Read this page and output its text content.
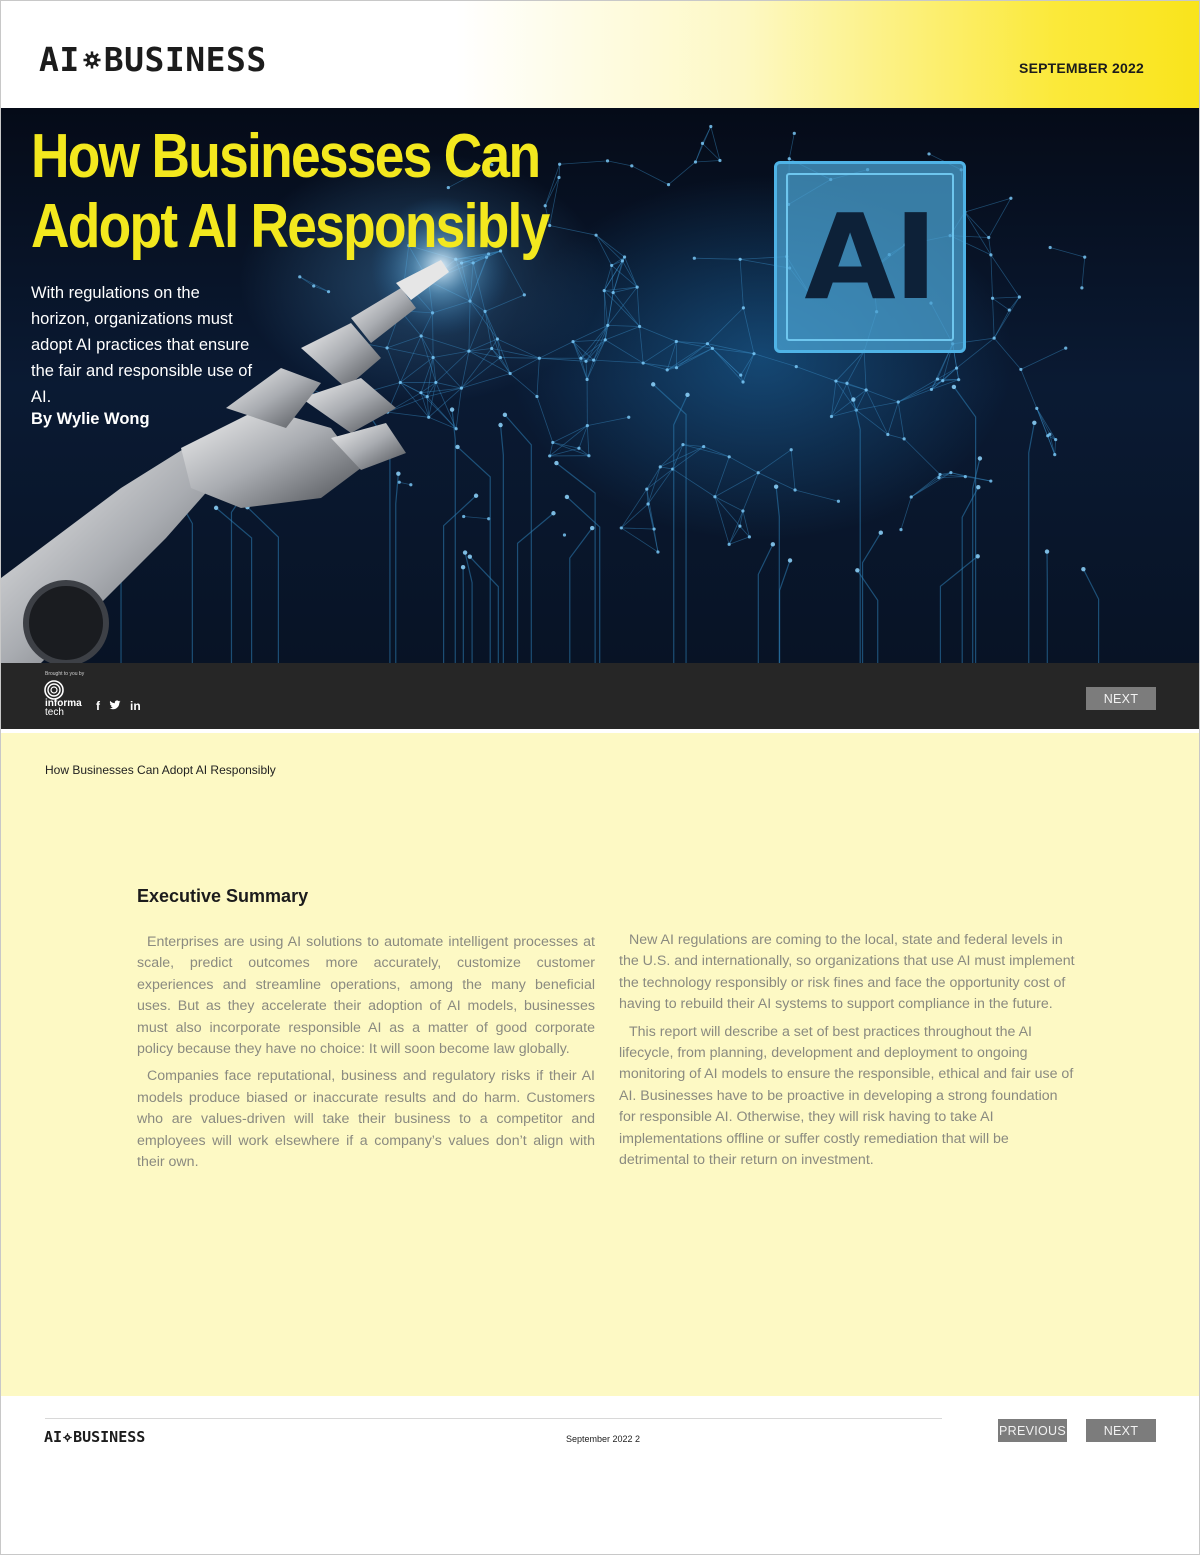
AI BUSINESS	SEPTEMBER 2022
How Businesses Can
Adopt AI Responsibly
With regulations on the horizon, organizations must adopt AI practices that ensure the fair and responsible use of AI.
By Wylie Wong
AI
Brought to you by
informa
tech	f	in
NEXT
How Businesses Can Adopt AI Responsibly
Executive Summary

Enterprises are using AI solutions to automate intelligent processes at scale, predict outcomes more accurately, customize customer experiences and streamline operations, among the many beneficial uses. But as they accelerate their adoption of AI models, businesses must also incorporate responsible AI as a matter of good corporate policy because they have no choice: It will soon become law globally.

Companies face reputational, business and regulatory risks if their AI models produce biased or inaccurate results and do harm. Customers who are values-driven will take their business to a competitor and employees will work elsewhere if a company’s values don’t align with their own.

New AI regulations are coming to the local, state and federal levels in the U.S. and internationally, so organizations that use AI must implement the technology responsibly or risk fines and face the opportunity cost of having to rebuild their AI systems to support compliance in the future.

This report will describe a set of best practices throughout the AI lifecycle, from planning, development and deployment to ongoing monitoring of AI models to ensure the responsible, ethical and fair use of AI. Businesses have to be proactive in developing a strong foundation for responsible AI. Otherwise, they will risk having to take AI implementations offline or suffer costly remediation that will be detrimental to their return on investment.

AI BUSINESS	September 2022 2
PREVIOUS	NEXT
